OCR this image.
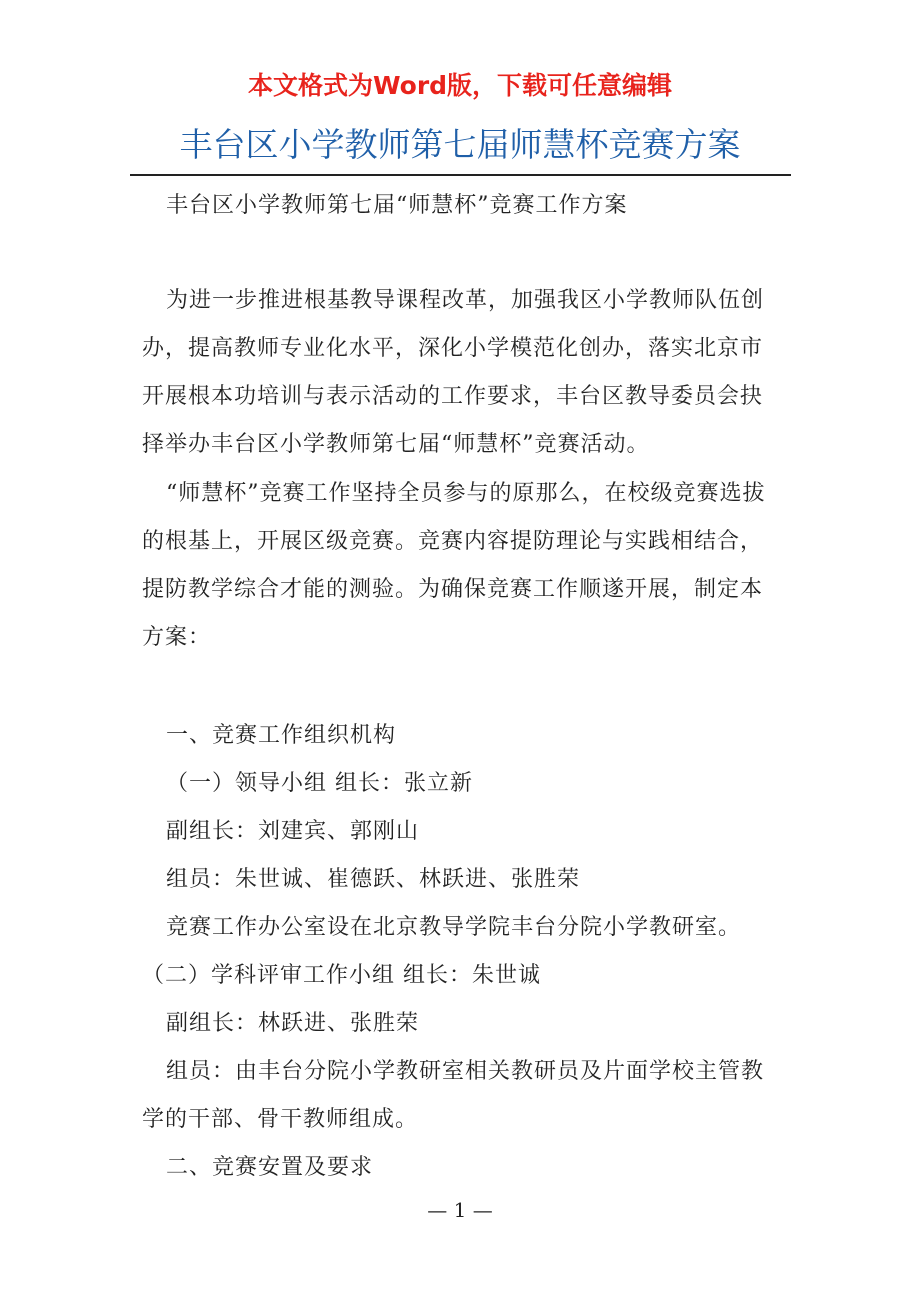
本文格式为Word版，下载可任意编辑
丰台区小学教师第七届师慧杯竞赛方案

丰台区小学教师第七届“师慧杯”竞赛工作方案

为进一步推进根基教导课程改革，加强我区小学教师队伍创办，提高教师专业化水平，深化小学模范化创办，落实北京市开展根本功培训与表示活动的工作要求，丰台区教导委员会抉择举办丰台区小学教师第七届“师慧杯”竞赛活动。

“师慧杯”竞赛工作坚持全员参与的原那么，在校级竞赛选拔的根基上，开展区级竞赛。竞赛内容提防理论与实践相结合，提防教学综合才能的测验。为确保竞赛工作顺遂开展，制定本方案：

一、竞赛工作组织机构

（一）领导小组 组长：张立新

副组长：刘建宾、郭刚山

组员：朱世诚、崔德跃、林跃进、张胜荣

竞赛工作办公室设在北京教导学院丰台分院小学教研室。

（二）学科评审工作小组 组长：朱世诚

副组长：林跃进、张胜荣

组员：由丰台分院小学教研室相关教研员及片面学校主管教学的干部、骨干教师组成。

二、竞赛安置及要求

— 1 —
